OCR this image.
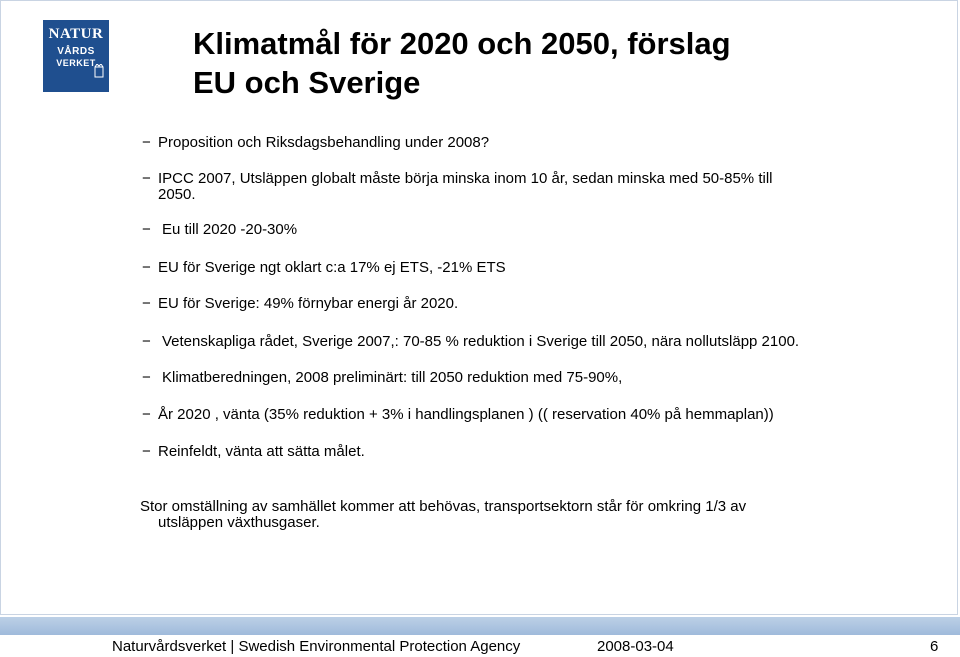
NATUR
VÅRDS
VERKET
Klimatmål för 2020 och 2050, förslag
EU och Sverige
− Proposition och Riksdagsbehandling under 2008?
− IPCC 2007, Utsläppen globalt måste börja minska inom 10 år, sedan minska med 50-85% till
2050.
− Eu till 2020 -20-30%
− EU för Sverige ngt oklart c:a 17% ej ETS, -21% ETS
− EU för Sverige: 49% förnybar energi år 2020.
− Vetenskapliga rådet, Sverige 2007,: 70-85 % reduktion i Sverige till 2050, nära nollutsläpp 2100.
− Klimatberedningen, 2008 preliminärt: till 2050 reduktion med 75-90%,
− År 2020 , vänta (35% reduktion + 3% i handlingsplanen ) (( reservation 40% på hemmaplan))
− Reinfeldt, vänta att sätta målet.
Stor omställning av samhället kommer att behövas, transportsektorn står för omkring 1/3 av
utsläppen växthusgaser.
Naturvårdsverket | Swedish Environmental Protection Agency	2008-03-04	6
